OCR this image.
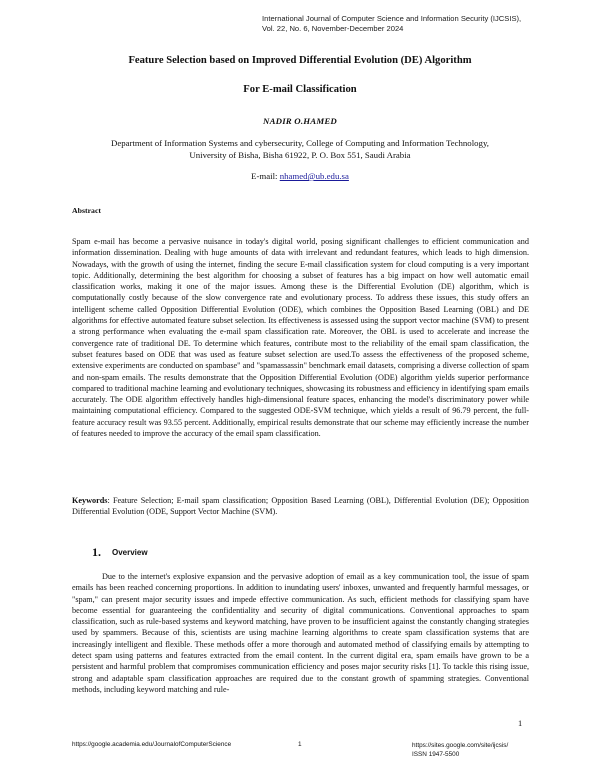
International Journal of Computer Science and Information Security (IJCSIS),
Vol. 22, No. 6, November-December 2024
Feature Selection based on Improved Differential Evolution (DE) Algorithm
For E-mail Classification
NADIR O.HAMED
Department of Information Systems and cybersecurity, College of Computing and Information Technology,
University of Bisha, Bisha 61922, P. O. Box 551, Saudi Arabia
E-mail: nhamed@ub.edu.sa
Abstract
Spam e-mail has become a pervasive nuisance in today's digital world, posing significant challenges to efficient communication and information dissemination. Dealing with huge amounts of data with irrelevant and redundant features, which leads to high dimension. Nowadays, with the growth of using the internet, finding the secure E-mail classification system for cloud computing is a very important topic. Additionally, determining the best algorithm for choosing a subset of features has a big impact on how well automatic email classification works, making it one of the major issues. Among these is the Differential Evolution (DE) algorithm, which is computationally costly because of the slow convergence rate and evolutionary process. To address these issues, this study offers an intelligent scheme called Opposition Differential Evolution (ODE), which combines the Opposition Based Learning (OBL) and DE algorithms for effective automated feature subset selection. Its effectiveness is assessed using the support vector machine (SVM) to present a strong performance when evaluating the e-mail spam classification rate. Moreover, the OBL is used to accelerate and increase the convergence rate of traditional DE. To determine which features, contribute most to the reliability of the email spam classification, the subset features based on ODE that was used as feature subset selection are used.To assess the effectiveness of the proposed scheme, extensive experiments are conducted on spambase" and "spamassassin" benchmark email datasets, comprising a diverse collection of spam and non-spam emails. The results demonstrate that the Opposition Differential Evolution (ODE) algorithm yields superior performance compared to traditional machine learning and evolutionary techniques, showcasing its robustness and efficiency in identifying spam emails accurately. The ODE algorithm effectively handles high-dimensional feature spaces, enhancing the model's discriminatory power while maintaining computational efficiency. Compared to the suggested ODE-SVM technique, which yields a result of 96.79 percent, the full-feature accuracy result was 93.55 percent. Additionally, empirical results demonstrate that our scheme may efficiently increase the number of features needed to improve the accuracy of the email spam classification.
Keywords: Feature Selection; E-mail spam classification; Opposition Based Learning (OBL), Differential Evolution (DE); Opposition Differential Evolution (ODE, Support Vector Machine (SVM).
1. Overview
Due to the internet's explosive expansion and the pervasive adoption of email as a key communication tool, the issue of spam emails has been reached concerning proportions. In addition to inundating users' inboxes, unwanted and frequently harmful messages, or "spam," can present major security issues and impede effective communication. As such, efficient methods for classifying spam have become essential for guaranteeing the confidentiality and security of digital communications. Conventional approaches to spam classification, such as rule-based systems and keyword matching, have proven to be insufficient against the constantly changing strategies used by spammers. Because of this, scientists are using machine learning algorithms to create spam classification systems that are increasingly intelligent and flexible. These methods offer a more thorough and automated method of classifying emails by attempting to detect spam using patterns and features extracted from the email content. In the current digital era, spam emails have grown to be a persistent and harmful problem that compromises communication efficiency and poses major security risks [1]. To tackle this rising issue, strong and adaptable spam classification approaches are required due to the constant growth of spamming strategies. Conventional methods, including keyword matching and rule-
1
https://google.academia.edu/JournalofComputerScience	1	https://sites.google.com/site/ijcsis/
ISSN 1947-5500
